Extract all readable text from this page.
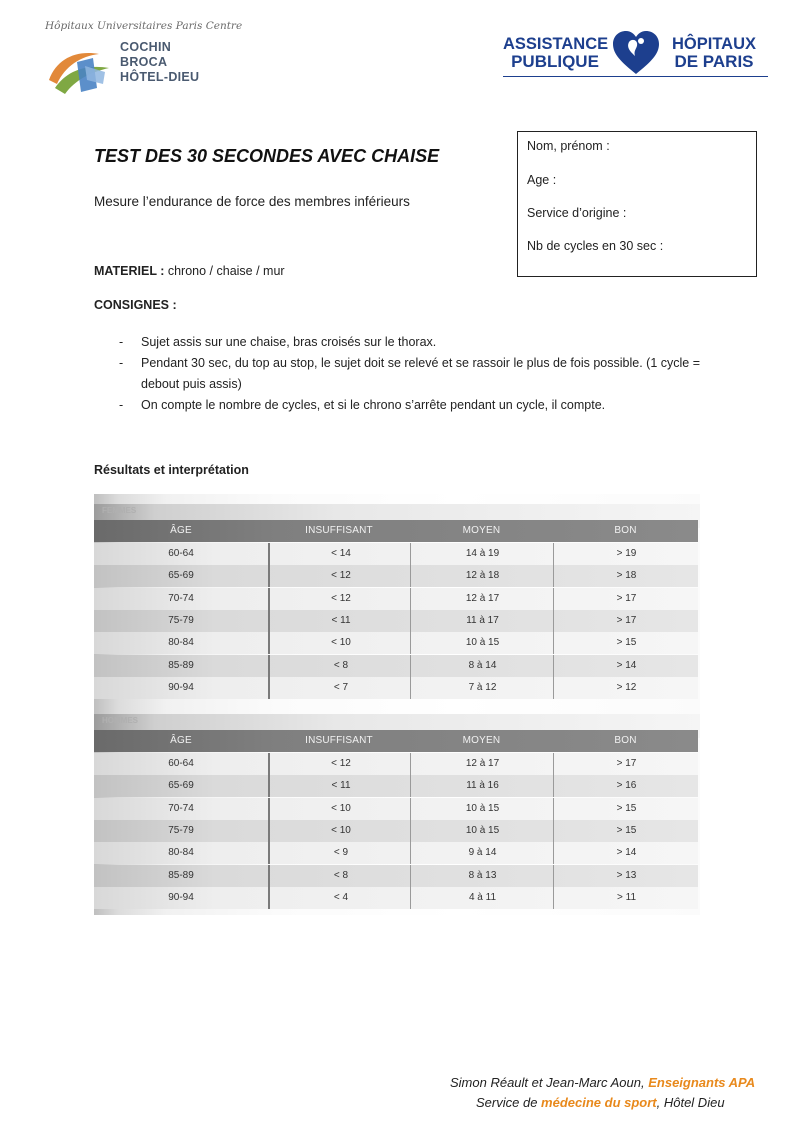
Hôpitaux Universitaires Paris Centre
COCHIN
BROCA
HÔTEL-DIEU
ASSISTANCE
PUBLIQUE
HÔPITAUX
DE PARIS
TEST DES 30 SECONDES AVEC CHAISE
Mesure l’endurance de force des membres inférieurs
Nom, prénom :
Age :
Service d’origine :
Nb de cycles en 30 sec :
MATERIEL : chrono / chaise / mur
CONSIGNES :
- Sujet assis sur une chaise, bras croisés sur le thorax.
- Pendant 30 sec, du top au stop, le sujet doit se relevé et se rassoir le plus de fois possible. (1 cycle = debout puis assis)
- On compte le nombre de cycles, et si le chrono s’arrête pendant un cycle, il compte.
Résultats et interprétation
FEMMES
ÂGE	INSUFFISANT	MOYEN	BON
60-64	< 14	14 à 19	> 19
65-69	< 12	12 à 18	> 18
70-74	< 12	12 à 17	> 17
75-79	< 11	11 à 17	> 17
80-84	< 10	10 à 15	> 15
85-89	< 8	8 à 14	> 14
90-94	< 7	7 à 12	> 12
HOMMES
ÂGE	INSUFFISANT	MOYEN	BON
60-64	< 12	12 à 17	> 17
65-69	< 11	11 à 16	> 16
70-74	< 10	10 à 15	> 15
75-79	< 10	10 à 15	> 15
80-84	< 9	9 à 14	> 14
85-89	< 8	8 à 13	> 13
90-94	< 4	4 à 11	> 11
Simon Réault et Jean-Marc Aoun, Enseignants APA
Service de médecine du sport, Hôtel Dieu
